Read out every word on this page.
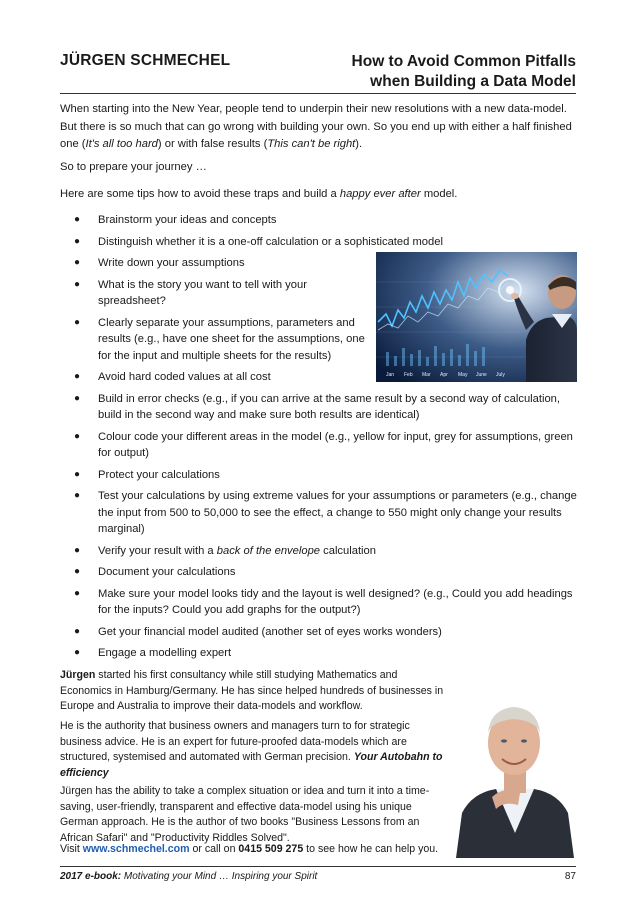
JÜRGEN SCHMECHEL	How to Avoid Common Pitfalls
when Building a Data Model
When starting into the New Year, people tend to underpin their new resolutions with a new data-model. But there is so much that can go wrong with building your own. So you end up with either a half finished one (It's all too hard) or with false results (This can't be right).
So to prepare your journey …
Here are some tips how to avoid these traps and build a happy ever after model.
● Brainstorm your ideas and concepts
● Distinguish whether it is a one-off calculation or a sophisticated model
● Write down your assumptions
● What is the story you want to tell with your spreadsheet?
● Clearly separate your assumptions, parameters and results (e.g., have one sheet for the assumptions, one for the input and multiple sheets for the results)
● Avoid hard coded values at all cost
● Build in error checks (e.g., if you can arrive at the same result by a second way of calculation, build in the second way and make sure both results are identical)
● Colour code your different areas in the model (e.g., yellow for input, grey for assumptions, green for output)
● Protect your calculations
● Test your calculations by using extreme values for your assumptions or parameters (e.g., change the input from 500 to 50,000 to see the effect, a change to 550 might only change your results marginal)
● Verify your result with a back of the envelope calculation
● Document your calculations
● Make sure your model looks tidy and the layout is well designed? (e.g., Could you add headings for the inputs? Could you add graphs for the output?)
● Get your financial model audited (another set of eyes works wonders)
● Engage a modelling expert
Jan Feb Mar Apr May June July
Jürgen started his first consultancy while still studying Mathematics and Economics in Hamburg/Germany. He has since helped hundreds of businesses in Europe and Australia to improve their data-models and workflow.
He is the authority that business owners and managers turn to for strategic business advice. He is an expert for future-proofed data-models which are structured, systemised and automated with German precision. Your Autobahn to efficiency
Jürgen has the ability to take a complex situation or idea and turn it into a time-saving, user-friendly, transparent and effective data-model using his unique German approach. He is the author of two books "Business Lessons from an African Safari" and "Productivity Riddles Solved".
Visit www.schmechel.com or call on 0415 509 275 to see how he can help you.
2017 e-book: Motivating your Mind … Inspiring your Spirit	87
